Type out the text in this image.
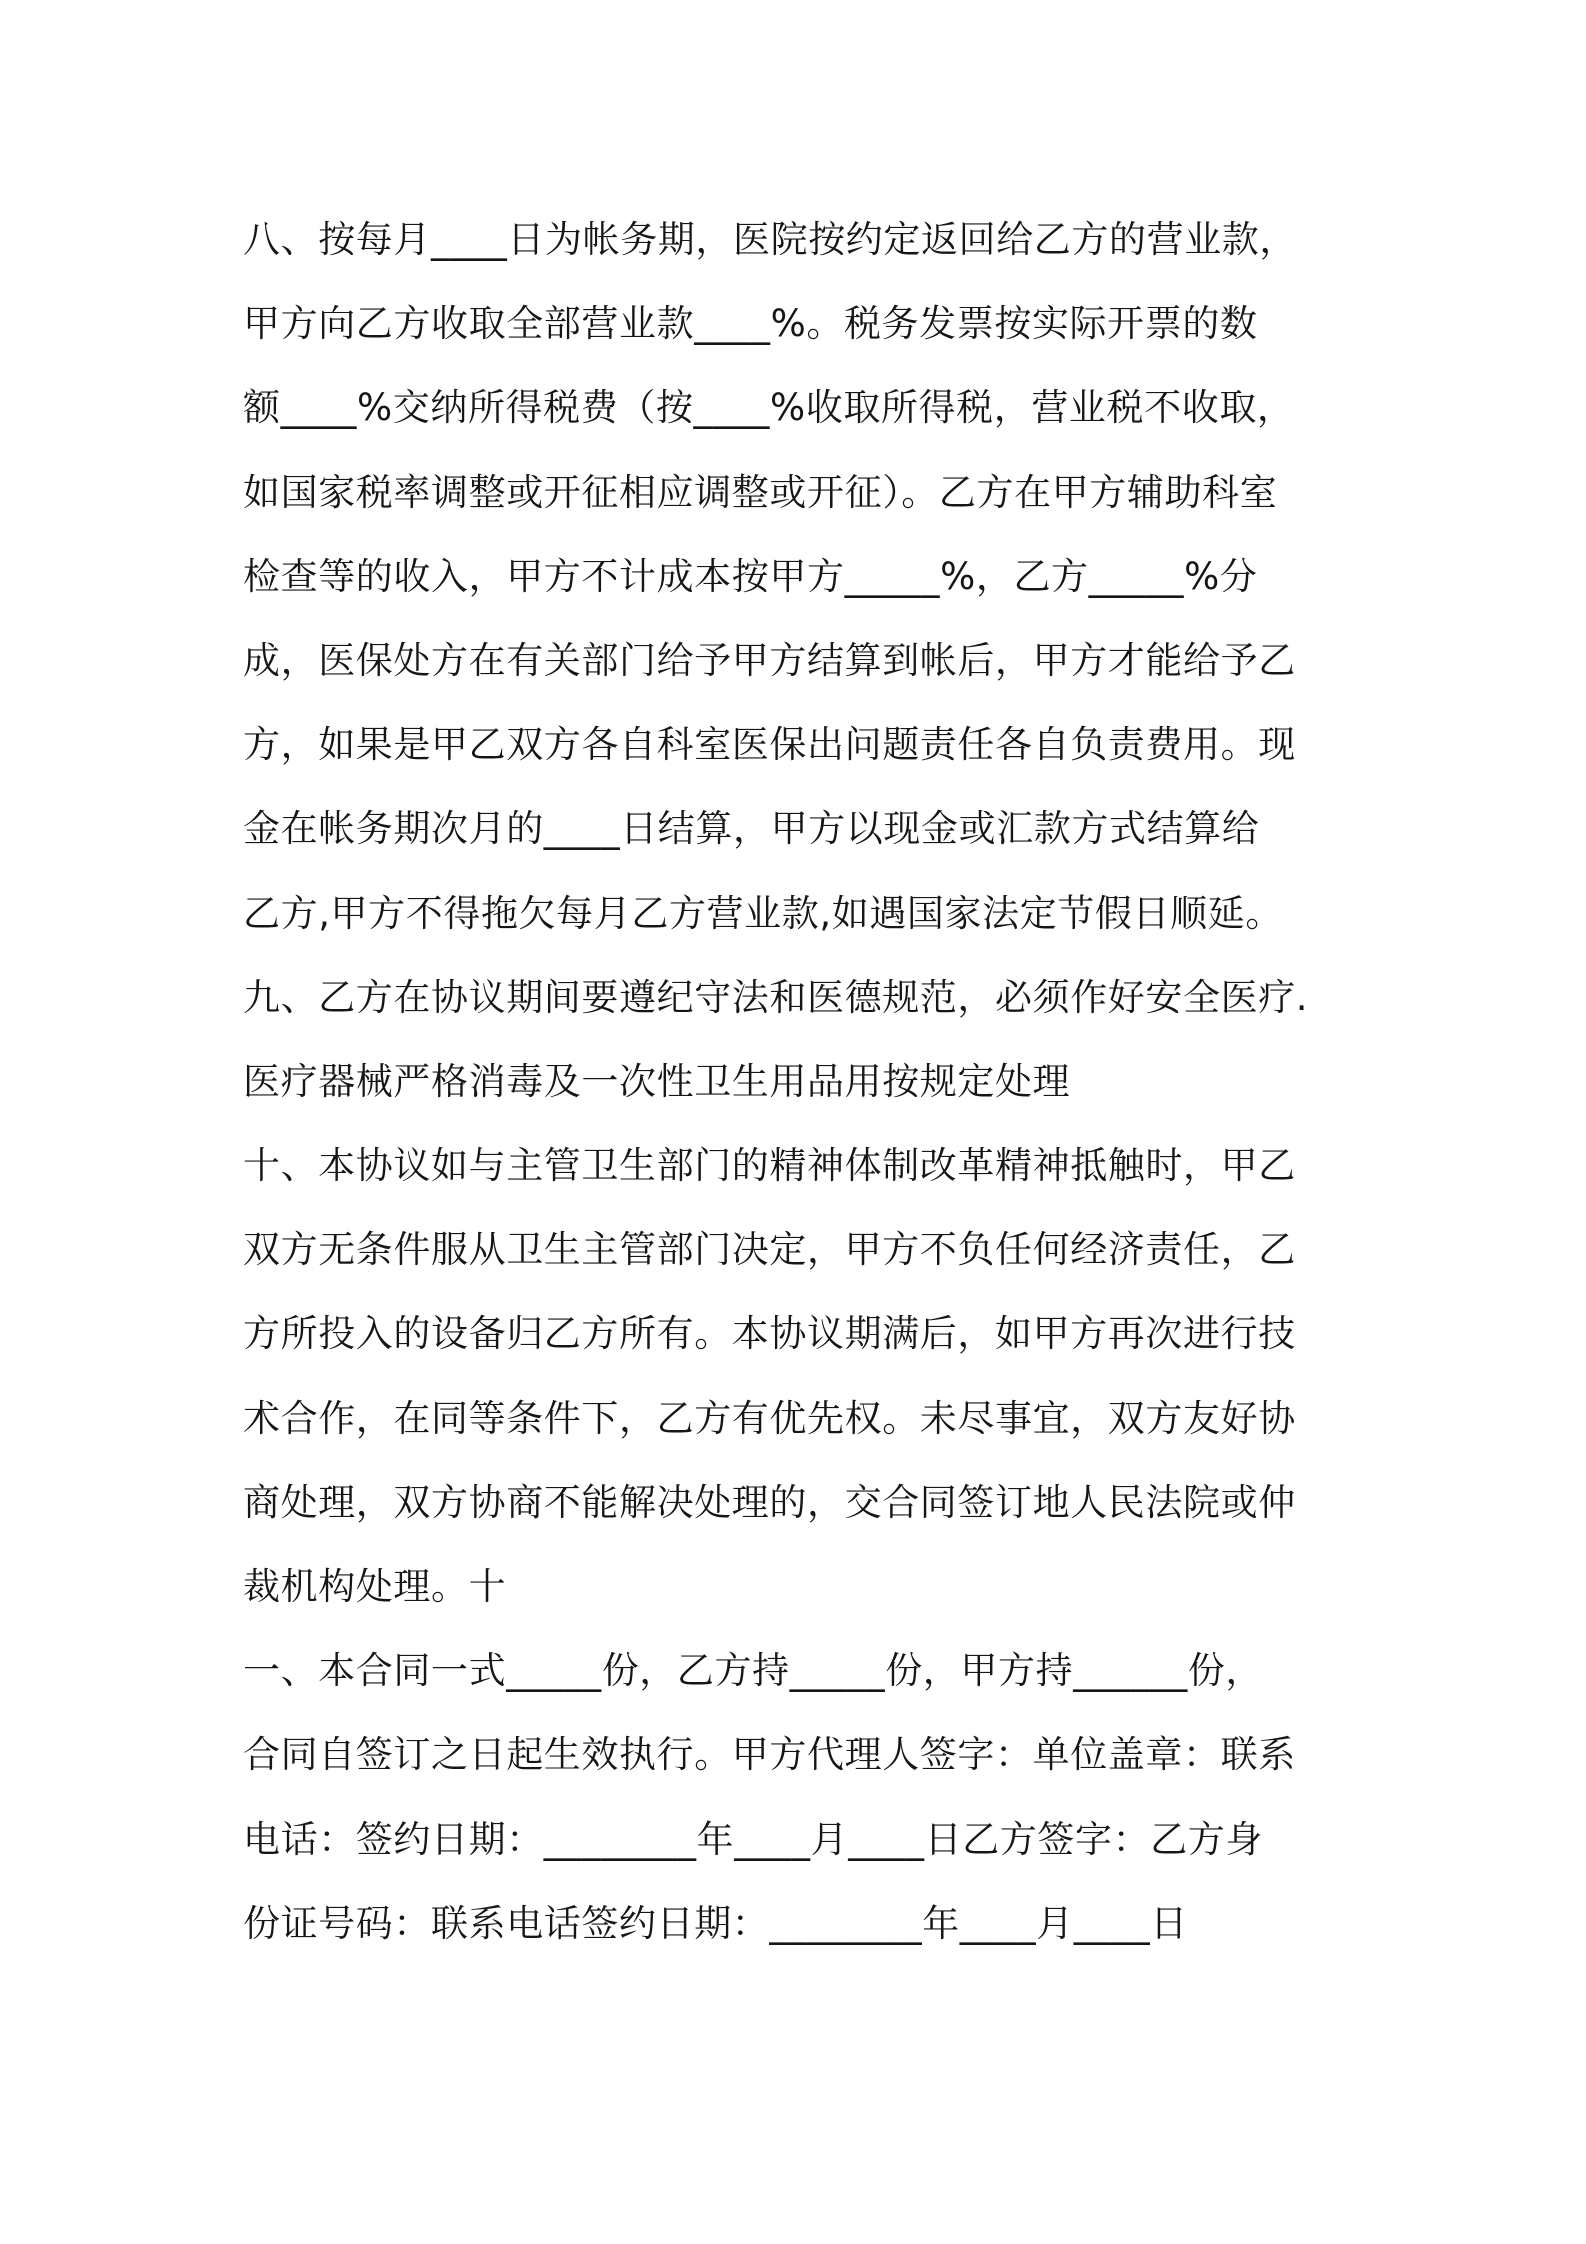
八、按每月____日为帐务期，医院按约定返回给乙方的营业款，
甲方向乙方收取全部营业款____%。税务发票按实际开票的数
额____%交纳所得税费（按____%收取所得税，营业税不收取，
如国家税率调整或开征相应调整或开征）。乙方在甲方辅助科室
检查等的收入，甲方不计成本按甲方_____%，乙方_____%分
成，医保处方在有关部门给予甲方结算到帐后，甲方才能给予乙
方，如果是甲乙双方各自科室医保出问题责任各自负责费用。现
金在帐务期次月的____日结算，甲方以现金或汇款方式结算给
乙方,甲方不得拖欠每月乙方营业款,如遇国家法定节假日顺延。
九、乙方在协议期间要遵纪守法和医德规范，必须作好安全医疗.
医疗器械严格消毒及一次性卫生用品用按规定处理
十、本协议如与主管卫生部门的精神体制改革精神抵触时，甲乙
双方无条件服从卫生主管部门决定，甲方不负任何经济责任，乙
方所投入的设备归乙方所有。本协议期满后，如甲方再次进行技
术合作，在同等条件下，乙方有优先权。未尽事宜，双方友好协
商处理，双方协商不能解决处理的，交合同签订地人民法院或仲
裁机构处理。十
一、本合同一式_____份，乙方持_____份，甲方持______份，
合同自签订之日起生效执行。甲方代理人签字：单位盖章：联系
电话：签约日期：________年____月____日乙方签字：乙方身
份证号码：联系电话签约日期：________年____月____日
